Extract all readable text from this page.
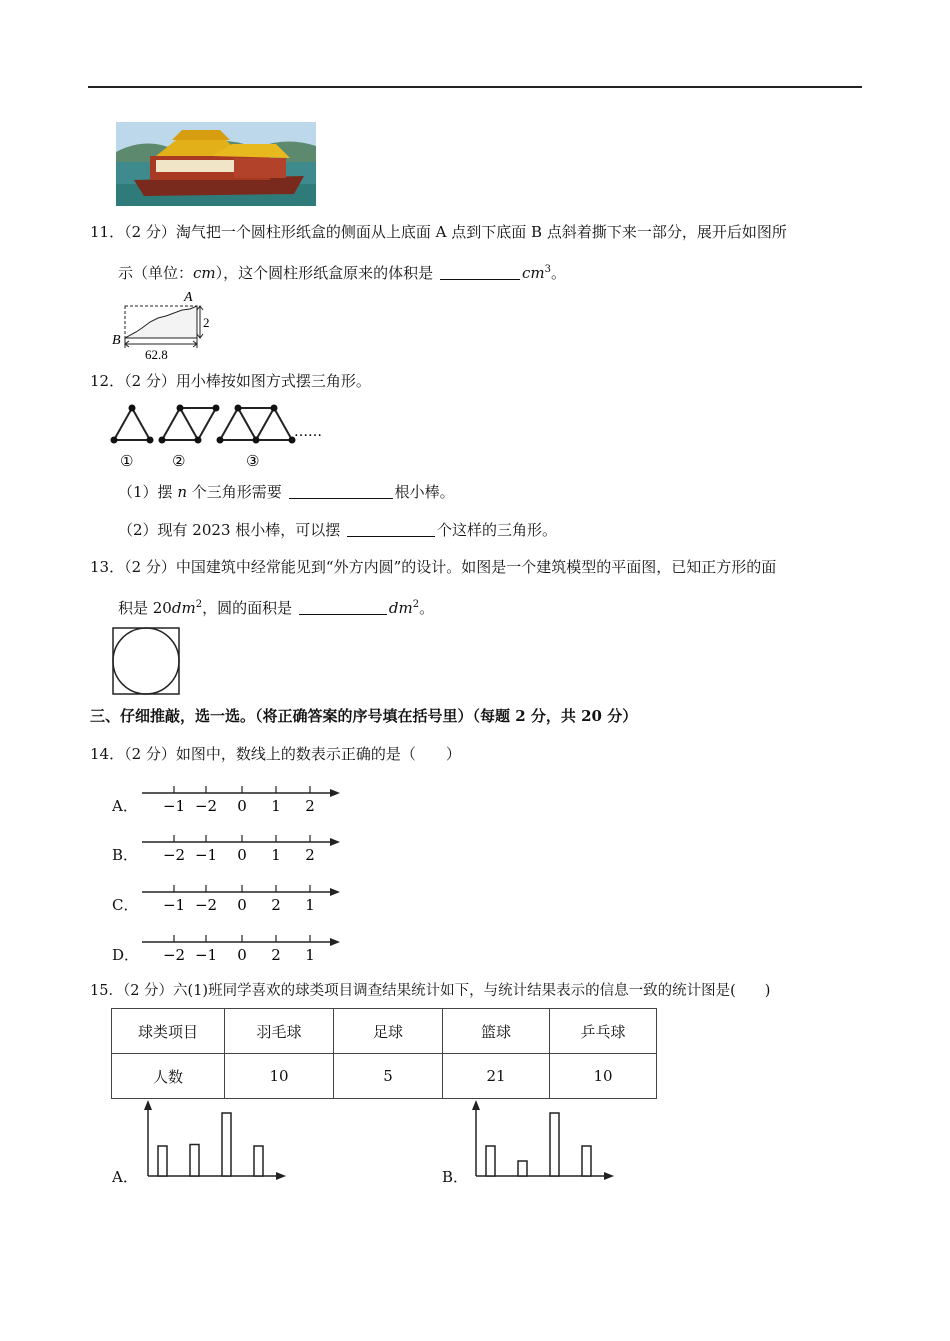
11．（2 分）淘气把一个圆柱形纸盒的侧面从上底面 A 点到下底面 B 点斜着撕下来一部分，展开后如图所
示（单位：cm），这个圆柱形纸盒原来的体积是	$cm^3$。
A
B
2
62.8
12．（2 分）用小棒按如图方式摆三角形。
……
①	②	③
（1）摆 n 个三角形需要	根小棒。
（2）现有 2023 根小棒，可以摆	个这样的三角形。
13．（2 分）中国建筑中经常能见到“外方内圆”的设计。如图是一个建筑模型的平面图，已知正方形的面
积是 $20dm^2$，圆的面积是	$dm^2$。
三、仔细推敲，选一选。（将正确答案的序号填在括号里）（每题 2 分，共 20 分）
14．（2 分）如图中，数线上的数表示正确的是（　　）
A． −1 −2 0 1 2
B． −2 −1 0 1 2
C． −1 −2 0 2 1
D． −2 −1 0 2 1
15．（2 分）六(1)班同学喜欢的球类项目调查结果统计如下，与统计结果表示的信息一致的统计图是(　　)
球类项目	羽毛球	足球	篮球	乒乓球
人数	10	5	21	10
A．	B．
